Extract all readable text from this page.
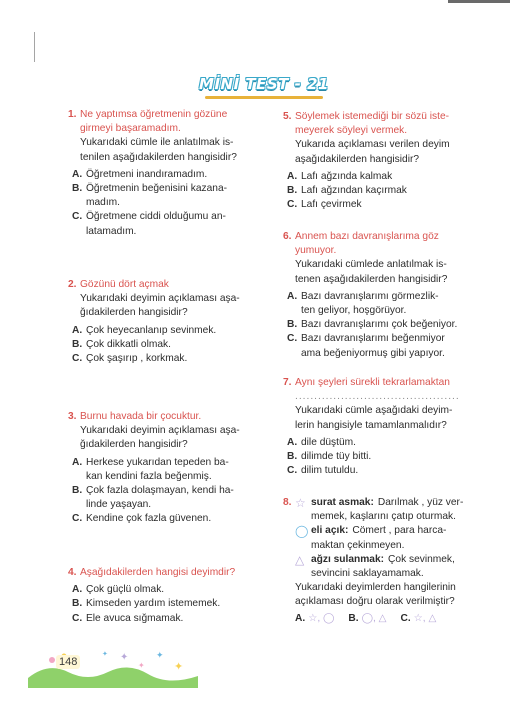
MİNİ TEST - 21
1. Ne yaptımsa öğretmenin gözüne
girmeyi başaramadım.
Yukarıdaki cümle ile anlatılmak is-
tenilen aşağıdakilerden hangisidir?
A. Öğretmeni inandıramadım.
B. Öğretmenin beğenisini kazana-
madım.
C. Öğretmene ciddi olduğumu an-
latamadım.
2. Gözünü dört açmak
Yukarıdaki deyimin açıklaması aşa-
ğıdakilerden hangisidir?
A. Çok heyecanlanıp sevinmek.
B. Çok dikkatli olmak.
C. Çok şaşırıp , korkmak.
3. Burnu havada bir çocuktur.
Yukarıdaki deyimin açıklaması aşa-
ğıdakilerden hangisidir?
A. Herkese yukarıdan tepeden ba-
kan kendini fazla beğenmiş.
B. Çok fazla dolaşmayan, kendi ha-
linde yaşayan.
C. Kendine çok fazla güvenen.
4. Aşağıdakilerden hangisi deyimdir?
A. Çok güçlü olmak.
B. Kimseden yardım istememek.
C. Ele avuca sığmamak.
5. Söylemek istemediği bir sözü iste-
meyerek söyleyi vermek.
Yukarıda açıklaması verilen deyim
aşağıdakilerden hangisidir?
A. Lafı ağzında kalmak
B. Lafı ağzından kaçırmak
C. Lafı çevirmek
6. Annem bazı davranışlarıma göz
yumuyor.
Yukarıdaki cümlede anlatılmak is-
tenen aşağıdakilerden hangisidir?
A. Bazı davranışlarımı görmezlik-
ten geliyor, hoşgörüyor.
B. Bazı davranışlarımı çok beğeniyor.
C. Bazı davranışlarımı beğenmiyor
ama beğeniyormuş gibi yapıyor.
7. Aynı şeyleri sürekli tekrarlamaktan
...........................................
Yukarıdaki cümle aşağıdaki deyim-
lerin hangisiyle tamamlanmalıdır?
A. dile düştüm.
B. dilimde tüy bitti.
C. dilim tutuldu.
8. ☆ surat asmak: Darılmak , yüz ver-
memek, kaşlarını çatıp oturmak.
◯ eli açık: Cömert , para harca-
maktan çekinmeyen.
△ ağzı sulanmak: Çok sevinmek,
sevincini saklayamamak.
Yukarıdaki deyimlerden hangilerinin
açıklaması doğru olarak verilmiştir?
A. ☆, ◯ B. ◯, △ C. ☆, △
✦
✦
✦
✦
✦
148
